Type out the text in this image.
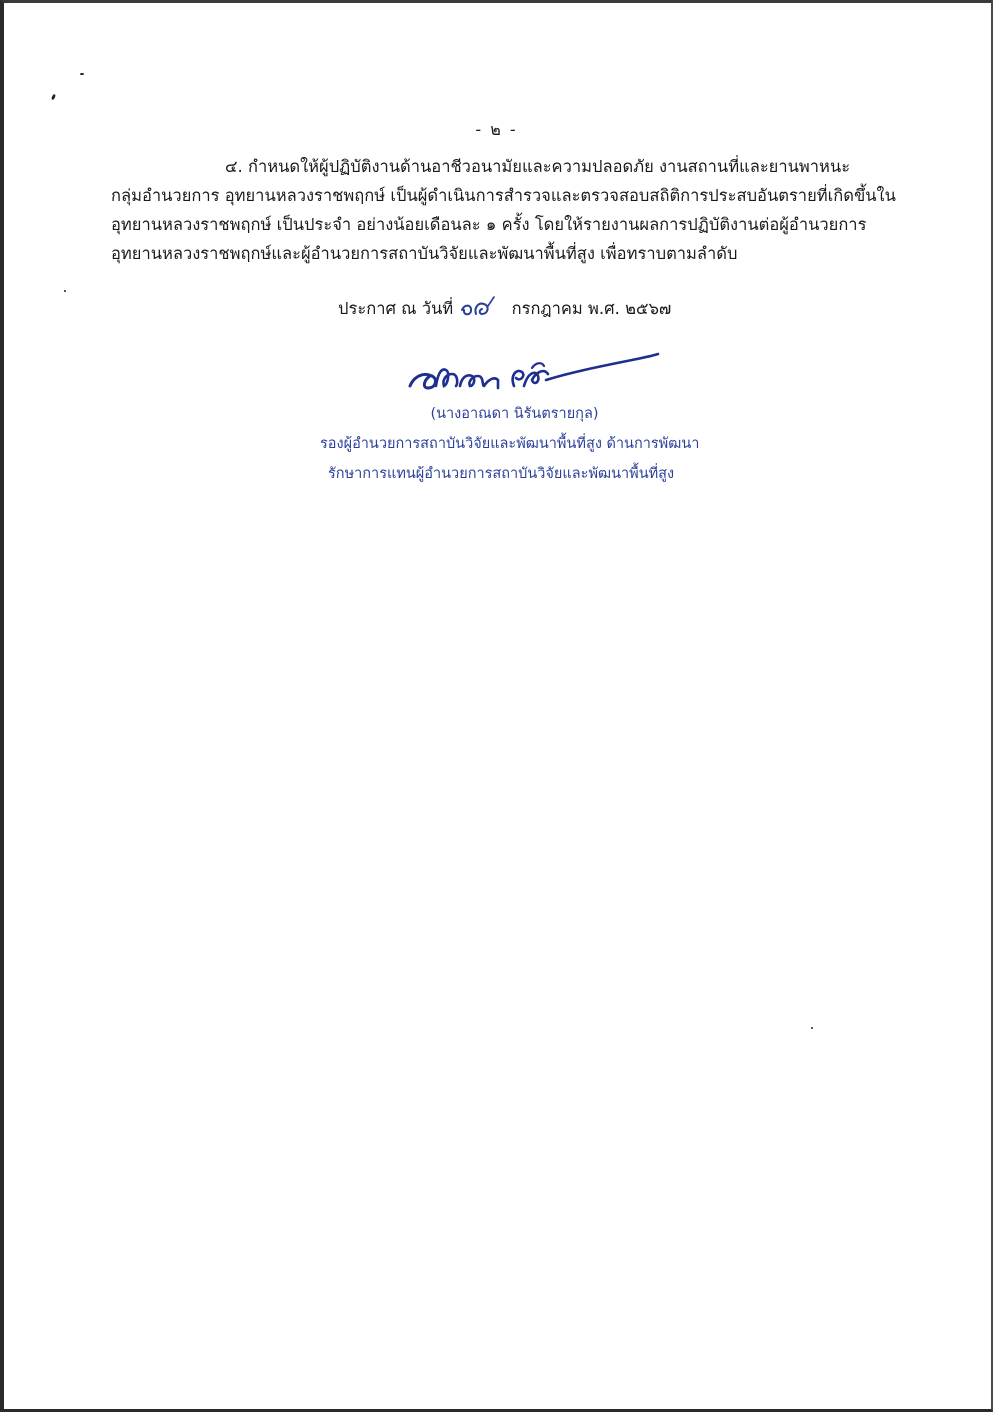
- ๒ -
๔. กำหนดให้ผู้ปฏิบัติงานด้านอาชีวอนามัยและความปลอดภัย งานสถานที่และยานพาหนะ
กลุ่มอำนวยการ อุทยานหลวงราชพฤกษ์ เป็นผู้ดำเนินการสำรวจและตรวจสอบสถิติการประสบอันตรายที่เกิดขึ้นใน
อุทยานหลวงราชพฤกษ์ เป็นประจำ อย่างน้อยเดือนละ ๑ ครั้ง โดยให้รายงานผลการปฏิบัติงานต่อผู้อำนวยการ
อุทยานหลวงราชพฤกษ์และผู้อำนวยการสถาบันวิจัยและพัฒนาพื้นที่สูง เพื่อทราบตามลำดับ
ประกาศ ณ วันที่	กรกฎาคม พ.ศ. ๒๕๖๗
(นางอาณดา นิรันตรายกุล)
รองผู้อำนวยการสถาบันวิจัยและพัฒนาพื้นที่สูง ด้านการพัฒนา
รักษาการแทนผู้อำนวยการสถาบันวิจัยและพัฒนาพื้นที่สูง
